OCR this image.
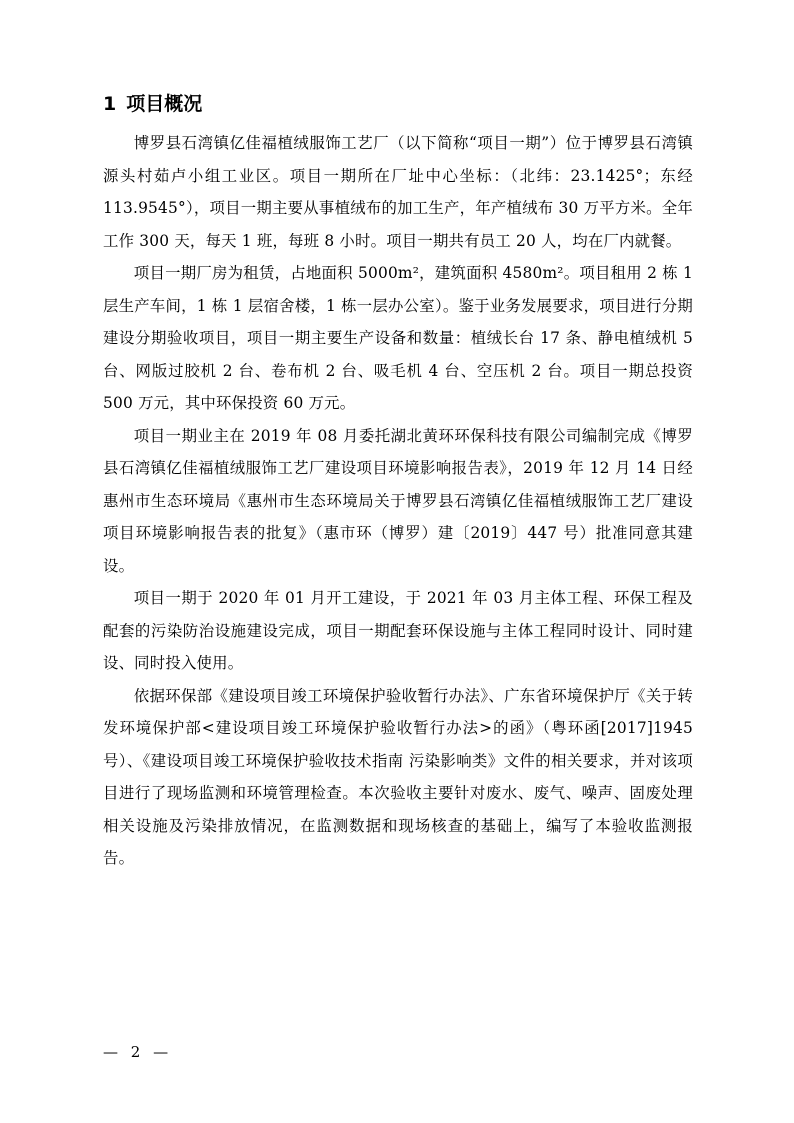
1 项目概况

博罗县石湾镇亿佳福植绒服饰工艺厂（以下简称“项目一期”）位于博罗县石湾镇源头村茹卢小组工业区。项目一期所在厂址中心坐标：（北纬：23.1425°；东经113.9545°），项目一期主要从事植绒布的加工生产，年产植绒布 30 万平方米。全年工作 300 天，每天 1 班，每班 8 小时。项目一期共有员工 20 人，均在厂内就餐。

项目一期厂房为租赁，占地面积 5000m²，建筑面积 4580m²。项目租用 2 栋 1 层生产车间，1 栋 1 层宿舍楼，1 栋一层办公室）。鉴于业务发展要求，项目进行分期建设分期验收项目，项目一期主要生产设备和数量：植绒长台 17 条、静电植绒机 5 台、网版过胶机 2 台、卷布机 2 台、吸毛机 4 台、空压机 2 台。项目一期总投资 500 万元，其中环保投资 60 万元。

项目一期业主在 2019 年 08 月委托湖北黄环环保科技有限公司编制完成《博罗县石湾镇亿佳福植绒服饰工艺厂建设项目环境影响报告表》，2019 年 12 月 14 日经惠州市生态环境局《惠州市生态环境局关于博罗县石湾镇亿佳福植绒服饰工艺厂建设项目环境影响报告表的批复》（惠市环（博罗）建〔2019〕447 号）批准同意其建设。

项目一期于 2020 年 01 月开工建设，于 2021 年 03 月主体工程、环保工程及配套的污染防治设施建设完成，项目一期配套环保设施与主体工程同时设计、同时建设、同时投入使用。

依据环保部《建设项目竣工环境保护验收暂行办法》、广东省环境保护厅《关于转发环境保护部<建设项目竣工环境保护验收暂行办法>的函》（粤环函[2017]1945 号）、《建设项目竣工环境保护验收技术指南 污染影响类》文件的相关要求，并对该项目进行了现场监测和环境管理检查。本次验收主要针对废水、废气、噪声、固废处理相关设施及污染排放情况，在监测数据和现场核查的基础上，编写了本验收监测报告。

— 2 —
